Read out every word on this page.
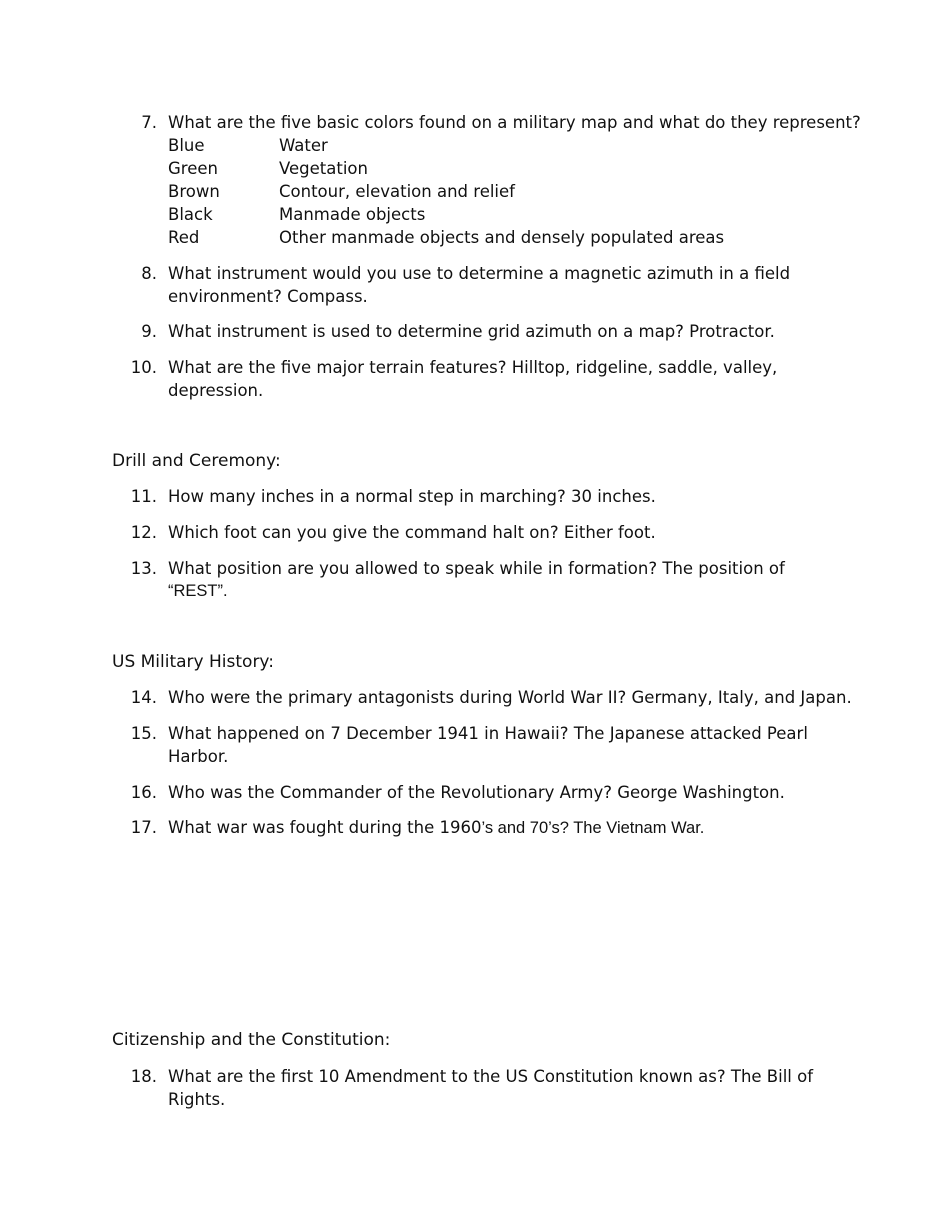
7. What are the five basic colors found on a military map and what do they represent?
Blue	Water
Green	Vegetation
Brown	Contour, elevation and relief
Black	Manmade objects
Red	Other manmade objects and densely populated areas
8. What instrument would you use to determine a magnetic azimuth in a field
environment? Compass.
9. What instrument is used to determine grid azimuth on a map? Protractor.
10. What are the five major terrain features? Hilltop, ridgeline, saddle, valley,
depression.
Drill and Ceremony:
11. How many inches in a normal step in marching? 30 inches.
12. Which foot can you give the command halt on? Either foot.
13. What position are you allowed to speak while in formation? The position of
“REST”.
US Military History:
14. Who were the primary antagonists during World War II? Germany, Italy, and Japan.
15. What happened on 7 December 1941 in Hawaii? The Japanese attacked Pearl
Harbor.
16. Who was the Commander of the Revolutionary Army? George Washington.
17. What war was fought during the 1960’s and 70’s? The Vietnam War.
Citizenship and the Constitution:
18. What are the first 10 Amendment to the US Constitution known as? The Bill of
Rights.
